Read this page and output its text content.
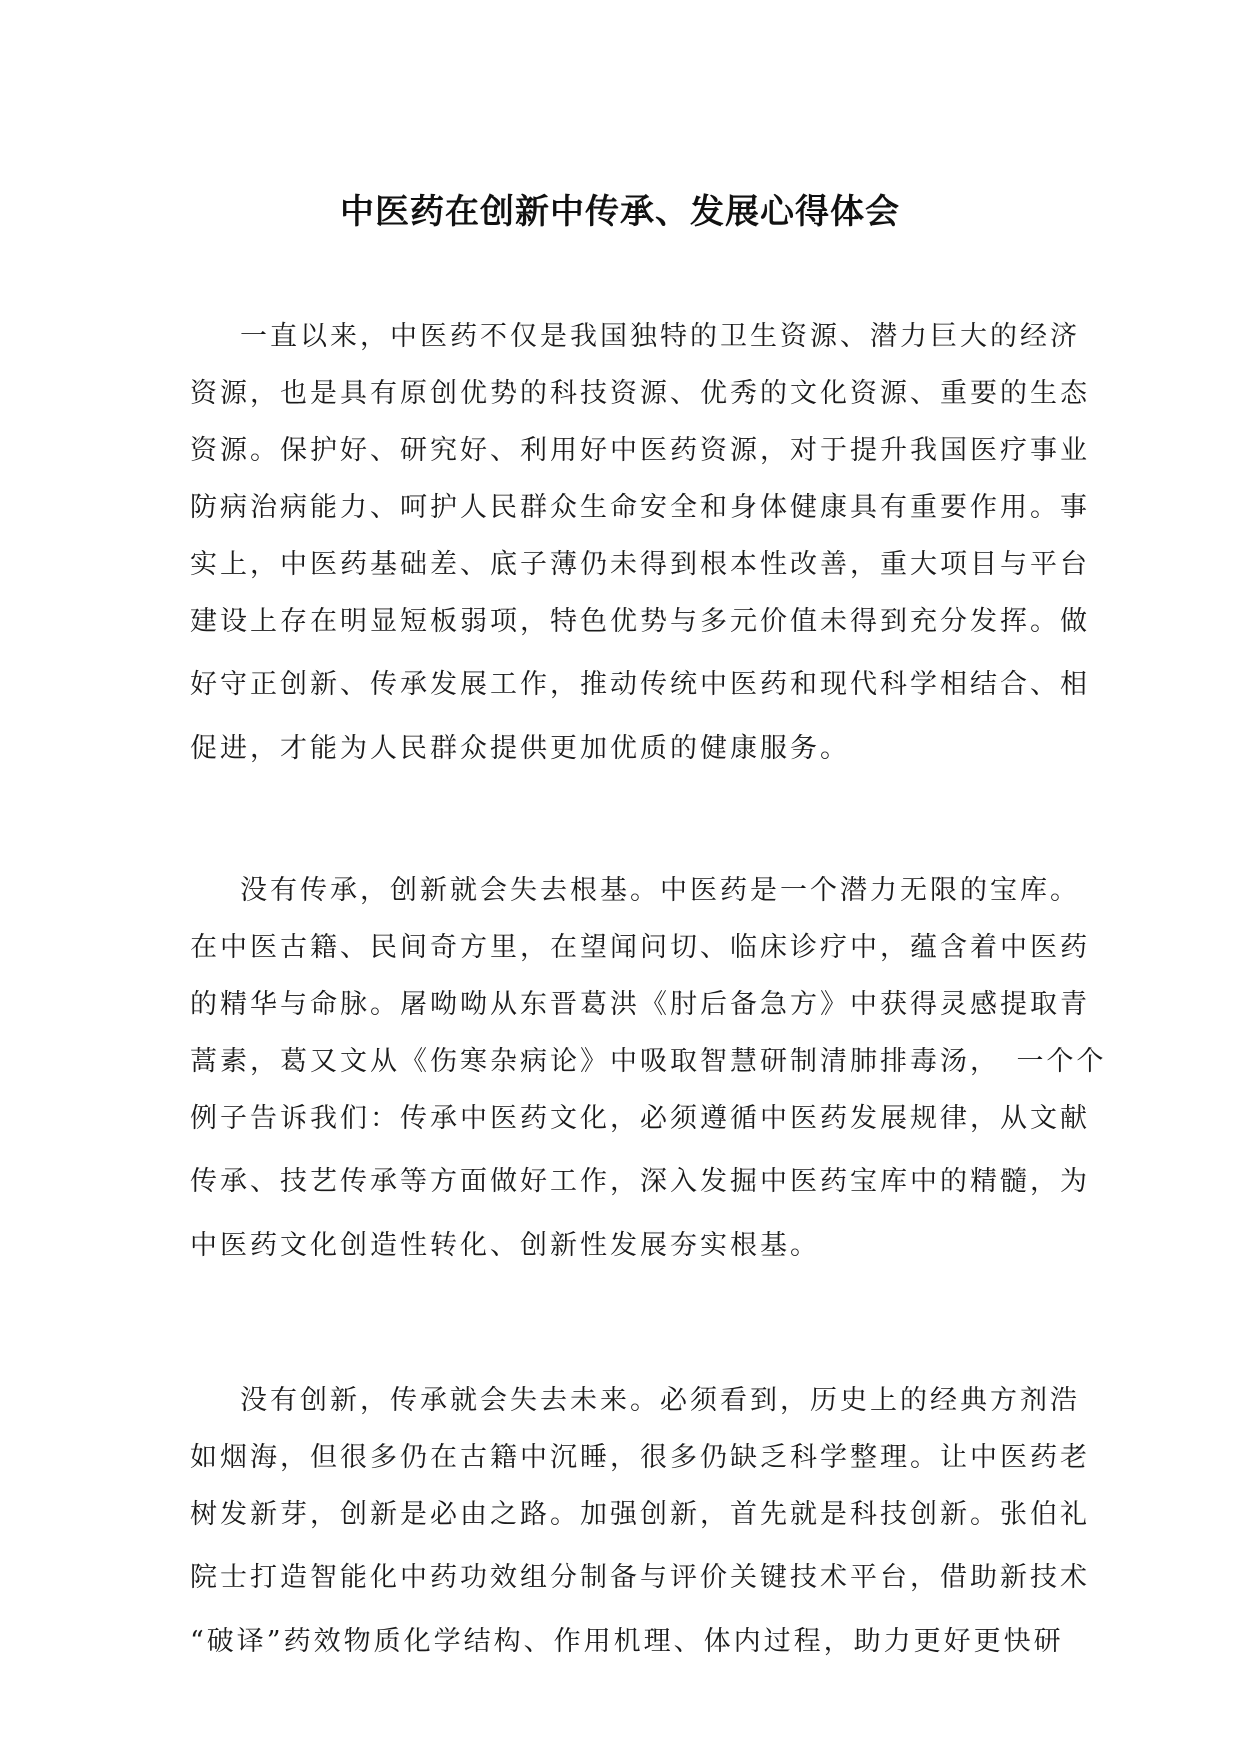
中医药在创新中传承、发展心得体会
一直以来，中医药不仅是我国独特的卫生资源、潜力巨大的经济
资源，也是具有原创优势的科技资源、优秀的文化资源、重要的生态
资源。保护好、研究好、利用好中医药资源，对于提升我国医疗事业
防病治病能力、呵护人民群众生命安全和身体健康具有重要作用。事
实上，中医药基础差、底子薄仍未得到根本性改善，重大项目与平台
建设上存在明显短板弱项，特色优势与多元价值未得到充分发挥。做
好守正创新、传承发展工作，推动传统中医药和现代科学相结合、相
促进，才能为人民群众提供更加优质的健康服务。
没有传承，创新就会失去根基。中医药是一个潜力无限的宝库。
在中医古籍、民间奇方里，在望闻问切、临床诊疗中，蕴含着中医药
的精华与命脉。屠呦呦从东晋葛洪《肘后备急方》中获得灵感提取青
蒿素，葛又文从《伤寒杂病论》中吸取智慧研制清肺排毒汤，　一个个
例子告诉我们：传承中医药文化，必须遵循中医药发展规律，从文献
传承、技艺传承等方面做好工作，深入发掘中医药宝库中的精髓，为
中医药文化创造性转化、创新性发展夯实根基。
没有创新，传承就会失去未来。必须看到，历史上的经典方剂浩
如烟海，但很多仍在古籍中沉睡，很多仍缺乏科学整理。让中医药老
树发新芽，创新是必由之路。加强创新，首先就是科技创新。张伯礼
院士打造智能化中药功效组分制备与评价关键技术平台，借助新技术
“破译”药效物质化学结构、作用机理、体内过程，助力更好更快研
